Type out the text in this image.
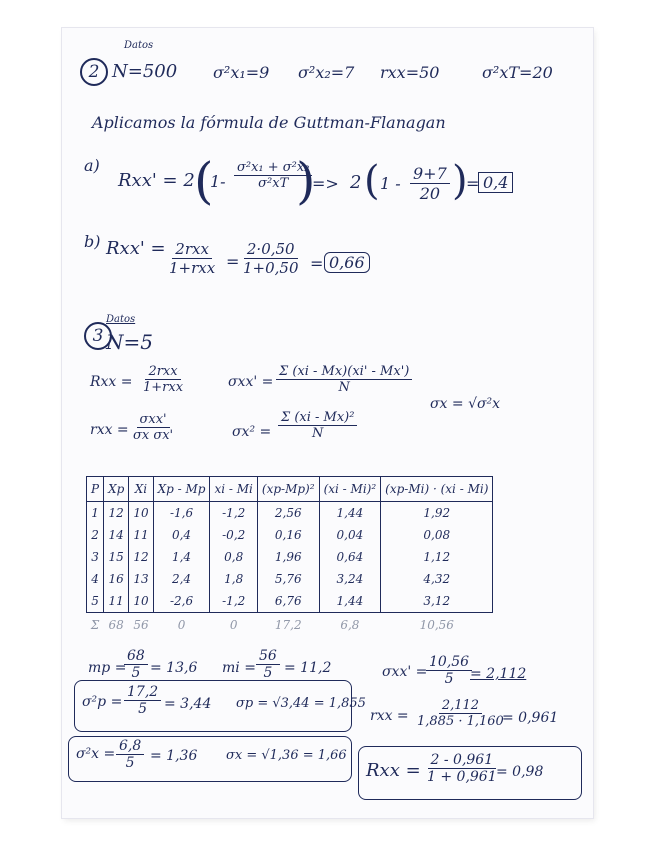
Datos
2 N=500 σ²x₁=9 σ²x₂=7 rxx=50	σ²xT=20
Aplicamos la fórmula de Guttman-Flanagan
a)
Rxx' = 2 (
$1- \frac{\text{σ²x₁ + σ²x₂}}{\text{σ²xT}}$
)
=> 2 ( $1 - \frac{9+7}{20}$ )
= 0,4
b) Rxx' = 2rxx
$1+rxx = \frac{2\cdot 0,50}{1+0,50} = 0,66$
3
Datos
N=5
Rxx =
2rxx
1+rxx	$\sigma xx' = \frac{\Sigma (xi - Mx)(xi' - Mx')}{N}$
σx = √σ²x
rxx =
σxx'
σx σx'	$\sigma x^2 = \frac{\text{Σ (xi - Mx)²}}{N}$
P	Xp	Xi	Xp - Mp	xi - Mi	(xp-Mp)²	(xi - Mi)²	(xp-Mi) · (xi - Mi)
1	12	10	-1,6	-1,2	2,56	1,44	1,92
2	14	11	0,4	-0,2	0,16	0,04	0,08
3	15	12	1,4	0,8	1,96	0,64	1,12
4	16	13	2,4	1,8	5,76	3,24	4,32
5	11	10	-2,6	-1,2	6,76	1,44	3,12
Σ	68	56	0	0	17,2	6,8	10,56
mp =
$\frac{68}{5} = 13,6$ mi = $\frac{56}{5} = 11,2$	σxx' =
$\frac{10,56}{5}$
= 2,112
$\sigma^2p = \frac{17,2}{5} = 3,44$ σp = √3,44 = 1,855
rxx = $\frac{2,112}{1,885 \cdot 1,160}$
= 0,961
$\sigma^2x = \frac{6,8}{5} = 1,36$ σx = √1,36 = 1,66
Rxx = $\frac{2 - 0,961}{1 + 0,961}$
= 0,98
